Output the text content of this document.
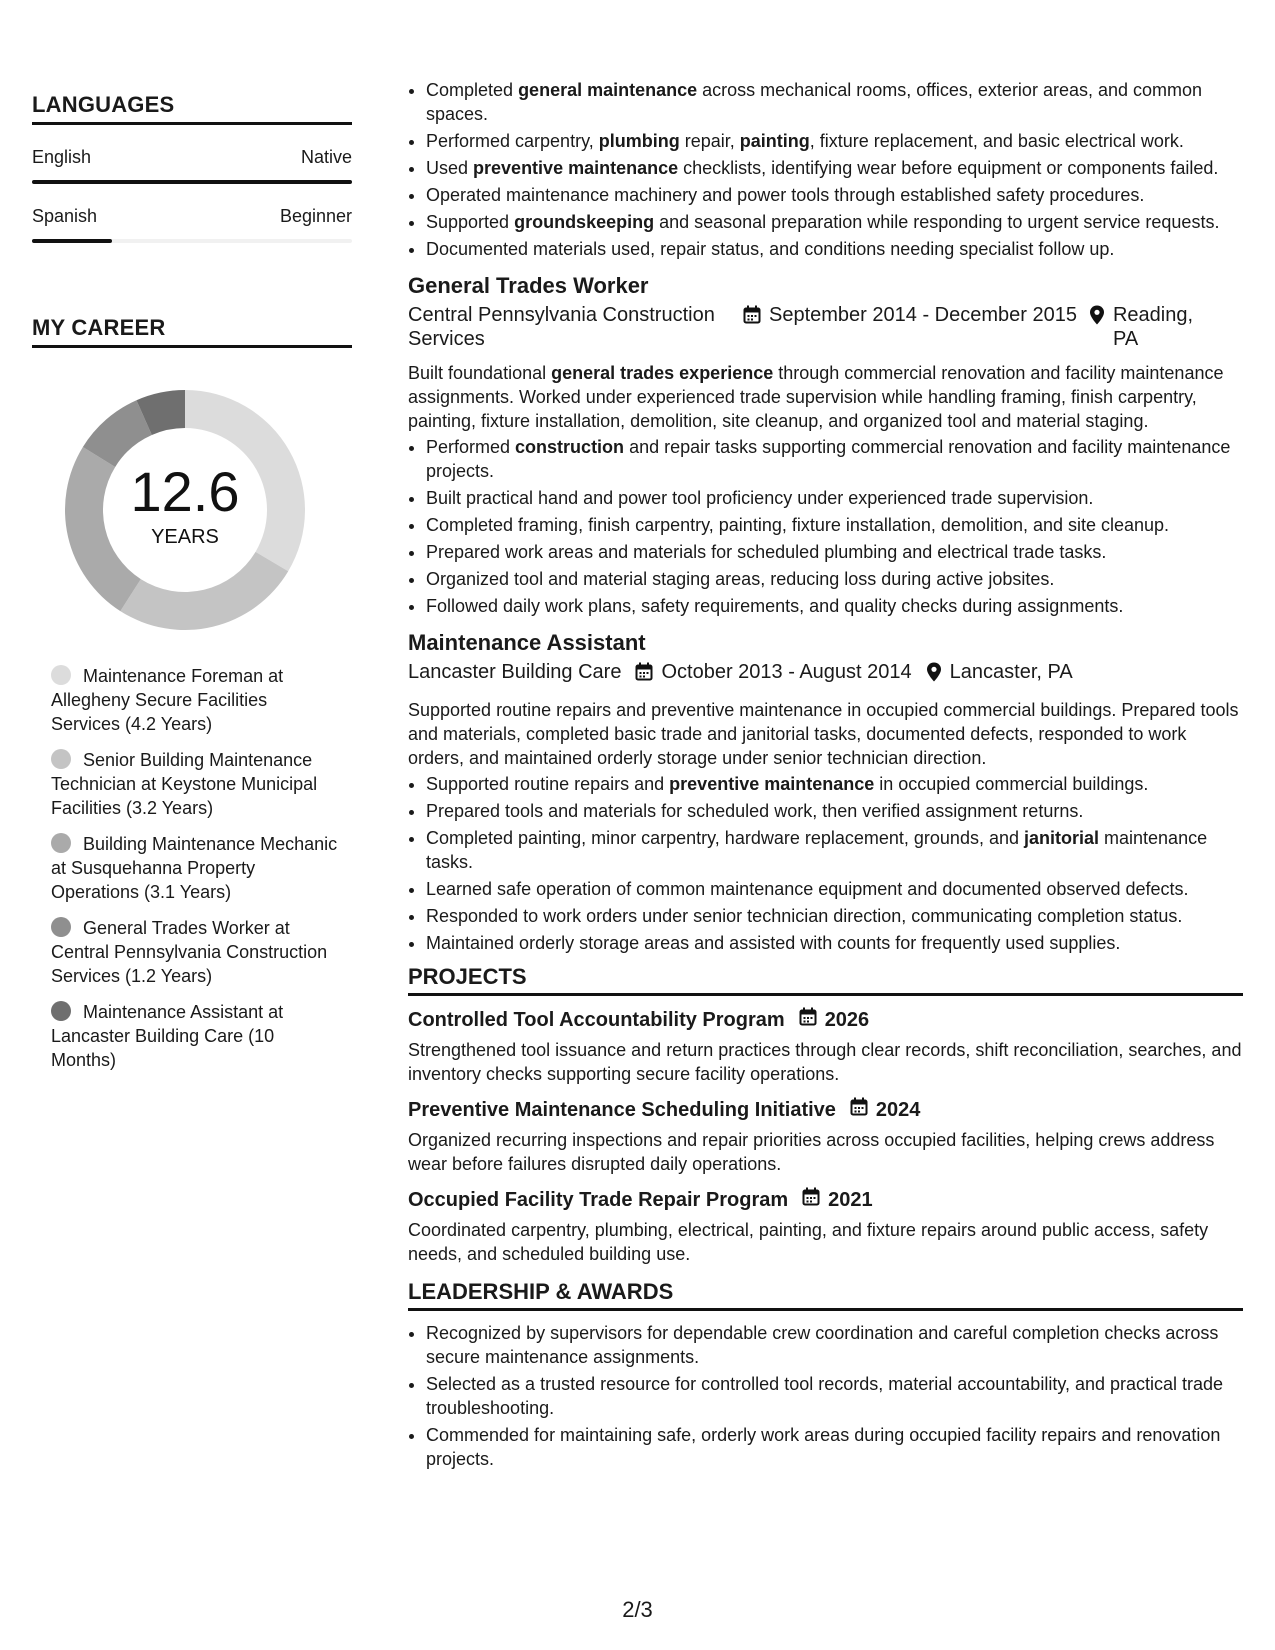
LANGUAGES
English	Native
Spanish	Beginner
MY CAREER
12.6
YEARS
Maintenance Foreman at Allegheny Secure Facilities Services (4.2 Years)
Senior Building Maintenance Technician at Keystone Municipal Facilities (3.2 Years)
Building Maintenance Mechanic at Susquehanna Property Operations (3.1 Years)
General Trades Worker at Central Pennsylvania Construction Services (1.2 Years)
Maintenance Assistant at Lancaster Building Care (10 Months)
• Completed general maintenance across mechanical rooms, offices, exterior areas, and common spaces.
• Performed carpentry, plumbing repair, painting, fixture replacement, and basic electrical work.
• Used preventive maintenance checklists, identifying wear before equipment or components failed.
• Operated maintenance machinery and power tools through established safety procedures.
• Supported groundskeeping and seasonal preparation while responding to urgent service requests.
• Documented materials used, repair status, and conditions needing specialist follow up.
General Trades Worker
Central Pennsylvania Construction Services
September 2014 - December 2015 Reading, PA

Built foundational general trades experience through commercial renovation and facility maintenance assignments. Worked under experienced trade supervision while handling framing, finish carpentry, painting, fixture installation, demolition, site cleanup, and organized tool and material staging.

• Performed construction and repair tasks supporting commercial renovation and facility maintenance projects.
• Built practical hand and power tool proficiency under experienced trade supervision.
• Completed framing, finish carpentry, painting, fixture installation, demolition, and site cleanup.
• Prepared work areas and materials for scheduled plumbing and electrical trade tasks.
• Organized tool and material staging areas, reducing loss during active jobsites.
• Followed daily work plans, safety requirements, and quality checks during assignments.
Maintenance Assistant
Lancaster Building Care October 2013 - August 2014 Lancaster, PA

Supported routine repairs and preventive maintenance in occupied commercial buildings. Prepared tools and materials, completed basic trade and janitorial tasks, documented defects, responded to work orders, and maintained orderly storage under senior technician direction.

• Supported routine repairs and preventive maintenance in occupied commercial buildings.
• Prepared tools and materials for scheduled work, then verified assignment returns.
• Completed painting, minor carpentry, hardware replacement, grounds, and janitorial maintenance tasks.
• Learned safe operation of common maintenance equipment and documented observed defects.
• Responded to work orders under senior technician direction, communicating completion status.
• Maintained orderly storage areas and assisted with counts for frequently used supplies.
PROJECTS
Controlled Tool Accountability Program 2026

Strengthened tool issuance and return practices through clear records, shift reconciliation, searches, and inventory checks supporting secure facility operations.

Preventive Maintenance Scheduling Initiative 2024

Organized recurring inspections and repair priorities across occupied facilities, helping crews address wear before failures disrupted daily operations.

Occupied Facility Trade Repair Program 2021

Coordinated carpentry, plumbing, electrical, painting, and fixture repairs around public access, safety needs, and scheduled building use.

LEADERSHIP & AWARDS
• Recognized by supervisors for dependable crew coordination and careful completion checks across secure maintenance assignments.
• Selected as a trusted resource for controlled tool records, material accountability, and practical trade troubleshooting.
• Commended for maintaining safe, orderly work areas during occupied facility repairs and renovation projects.
2/3
